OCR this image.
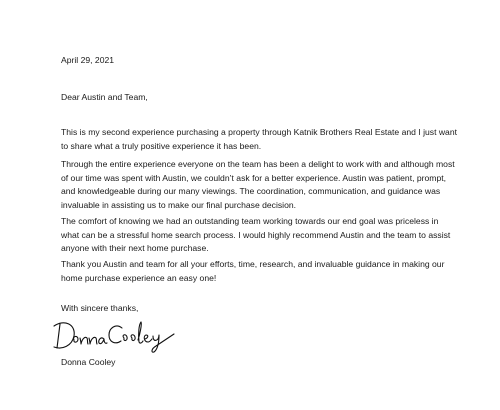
April 29, 2021
Dear Austin and Team,
This is my second experience purchasing a property through Katnik Brothers Real Estate and I just want
to share what a truly positive experience it has been.
Through the entire experience everyone on the team has been a delight to work with and although most
of our time was spent with Austin, we couldn’t ask for a better experience. Austin was patient, prompt,
and knowledgeable during our many viewings. The coordination, communication, and guidance was
invaluable in assisting us to make our final purchase decision.
The comfort of knowing we had an outstanding team working towards our end goal was priceless in
what can be a stressful home search process. I would highly recommend Austin and the team to assist
anyone with their next home purchase.
Thank you Austin and team for all your efforts, time, research, and invaluable guidance in making our
home purchase experience an easy one!
With sincere thanks,
Donna Cooley
